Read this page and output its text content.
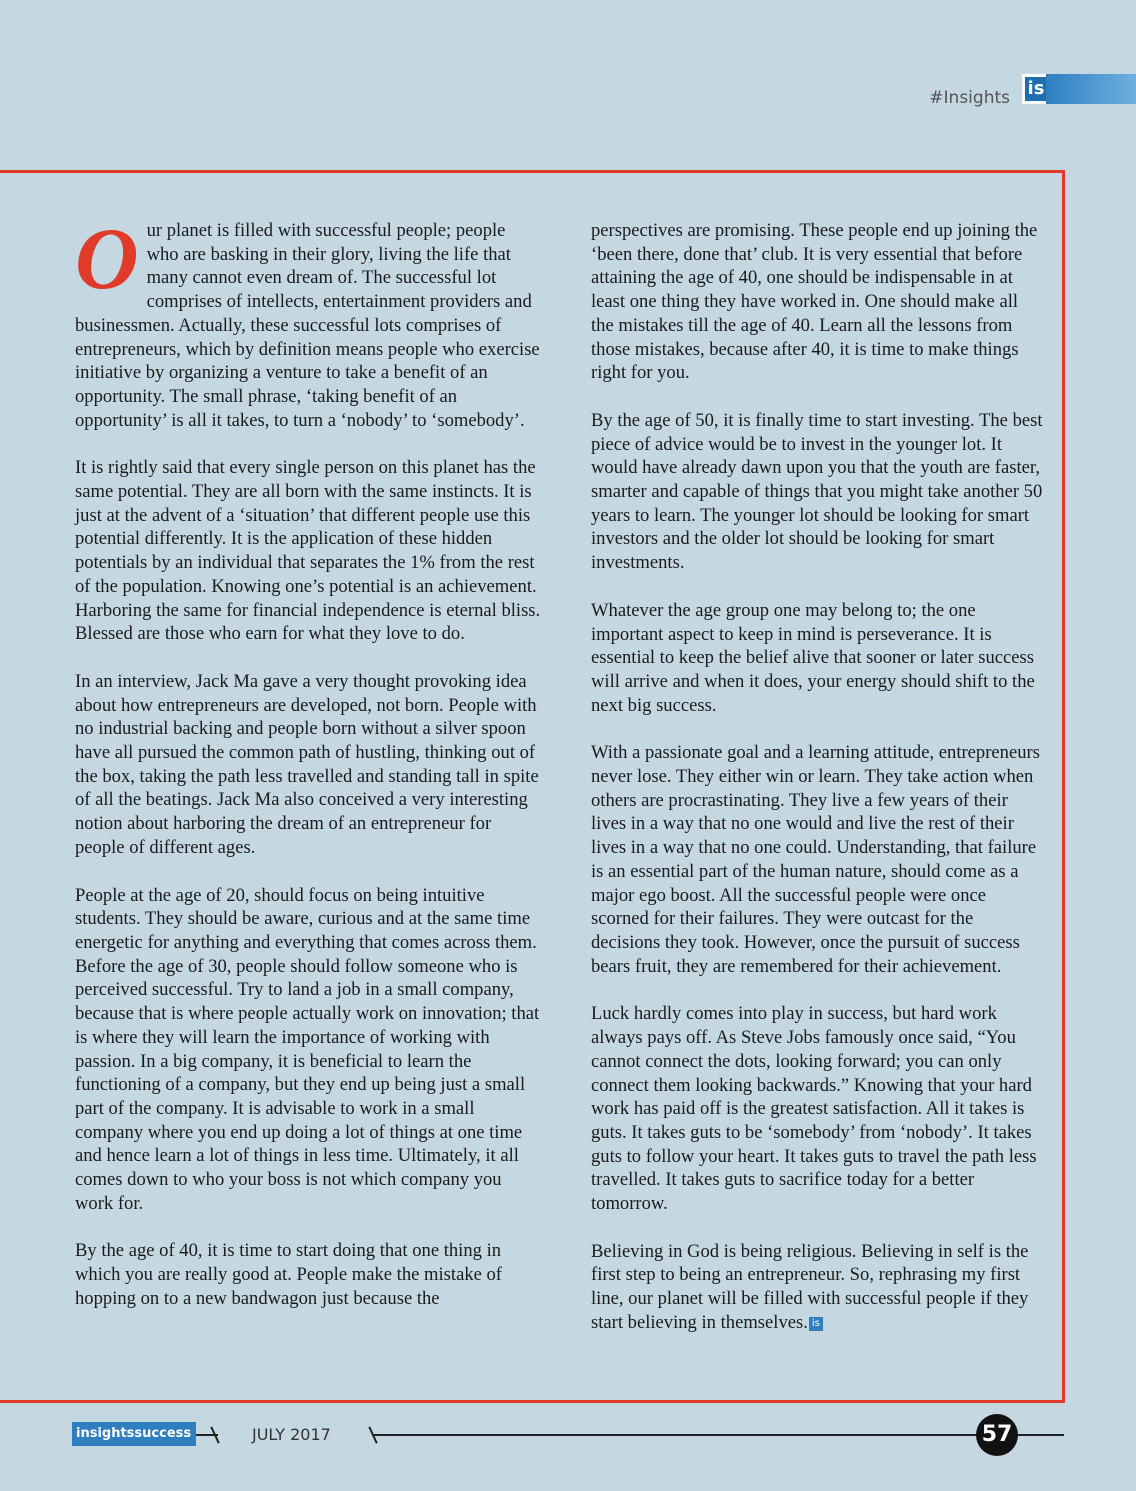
#Insights is

Our planet is filled with successful people; people who are basking in their glory, living the life that many cannot even dream of. The successful lot comprises of intellects, entertainment providers and businessmen. Actually, these successful lots comprises of entrepreneurs, which by definition means people who exercise initiative by organizing a venture to take a benefit of an opportunity. The small phrase, ‘taking benefit of an opportunity’ is all it takes, to turn a ‘nobody’ to ‘somebody’.

It is rightly said that every single person on this planet has the same potential. They are all born with the same instincts. It is just at the advent of a ‘situation’ that different people use this potential differently. It is the application of these hidden potentials by an individual that separates the 1% from the rest of the population. Knowing one’s potential is an achievement. Harboring the same for financial independence is eternal bliss. Blessed are those who earn for what they love to do.

In an interview, Jack Ma gave a very thought provoking idea about how entrepreneurs are developed, not born. People with no industrial backing and people born without a silver spoon have all pursued the common path of hustling, thinking out of the box, taking the path less travelled and standing tall in spite of all the beatings. Jack Ma also conceived a very interesting notion about harboring the dream of an entrepreneur for people of different ages.

People at the age of 20, should focus on being intuitive students. They should be aware, curious and at the same time energetic for anything and everything that comes across them. Before the age of 30, people should follow someone who is perceived successful. Try to land a job in a small company, because that is where people actually work on innovation; that is where they will learn the importance of working with passion. In a big company, it is beneficial to learn the functioning of a company, but they end up being just a small part of the company. It is advisable to work in a small company where you end up doing a lot of things at one time and hence learn a lot of things in less time. Ultimately, it all comes down to who your boss is not which company you work for.

By the age of 40, it is time to start doing that one thing in which you are really good at. People make the mistake of hopping on to a new bandwagon just because the

perspectives are promising. These people end up joining the ‘been there, done that’ club. It is very essential that before attaining the age of 40, one should be indispensable in at least one thing they have worked in. One should make all the mistakes till the age of 40. Learn all the lessons from those mistakes, because after 40, it is time to make things right for you.

By the age of 50, it is finally time to start investing. The best piece of advice would be to invest in the younger lot. It would have already dawn upon you that the youth are faster, smarter and capable of things that you might take another 50 years to learn. The younger lot should be looking for smart investors and the older lot should be looking for smart investments.

Whatever the age group one may belong to; the one important aspect to keep in mind is perseverance. It is essential to keep the belief alive that sooner or later success will arrive and when it does, your energy should shift to the next big success.

With a passionate goal and a learning attitude, entrepreneurs never lose. They either win or learn. They take action when others are procrastinating. They live a few years of their lives in a way that no one would and live the rest of their lives in a way that no one could. Understanding, that failure is an essential part of the human nature, should come as a major ego boost. All the successful people were once scorned for their failures. They were outcast for the decisions they took. However, once the pursuit of success bears fruit, they are remembered for their achievement.

Luck hardly comes into play in success, but hard work always pays off. As Steve Jobs famously once said, “You cannot connect the dots, looking forward; you can only connect them looking backwards.” Knowing that your hard work has paid off is the greatest satisfaction. All it takes is guts. It takes guts to be ‘somebody’ from ‘nobody’. It takes guts to follow your heart. It takes guts to travel the path less travelled. It takes guts to sacrifice today for a better tomorrow.

Believing in God is being religious. Believing in self is the first step to being an entrepreneur. So, rephrasing my first line, our planet will be filled with successful people if they start believing in themselves. is

insightssuccess	JULY 2017	57
